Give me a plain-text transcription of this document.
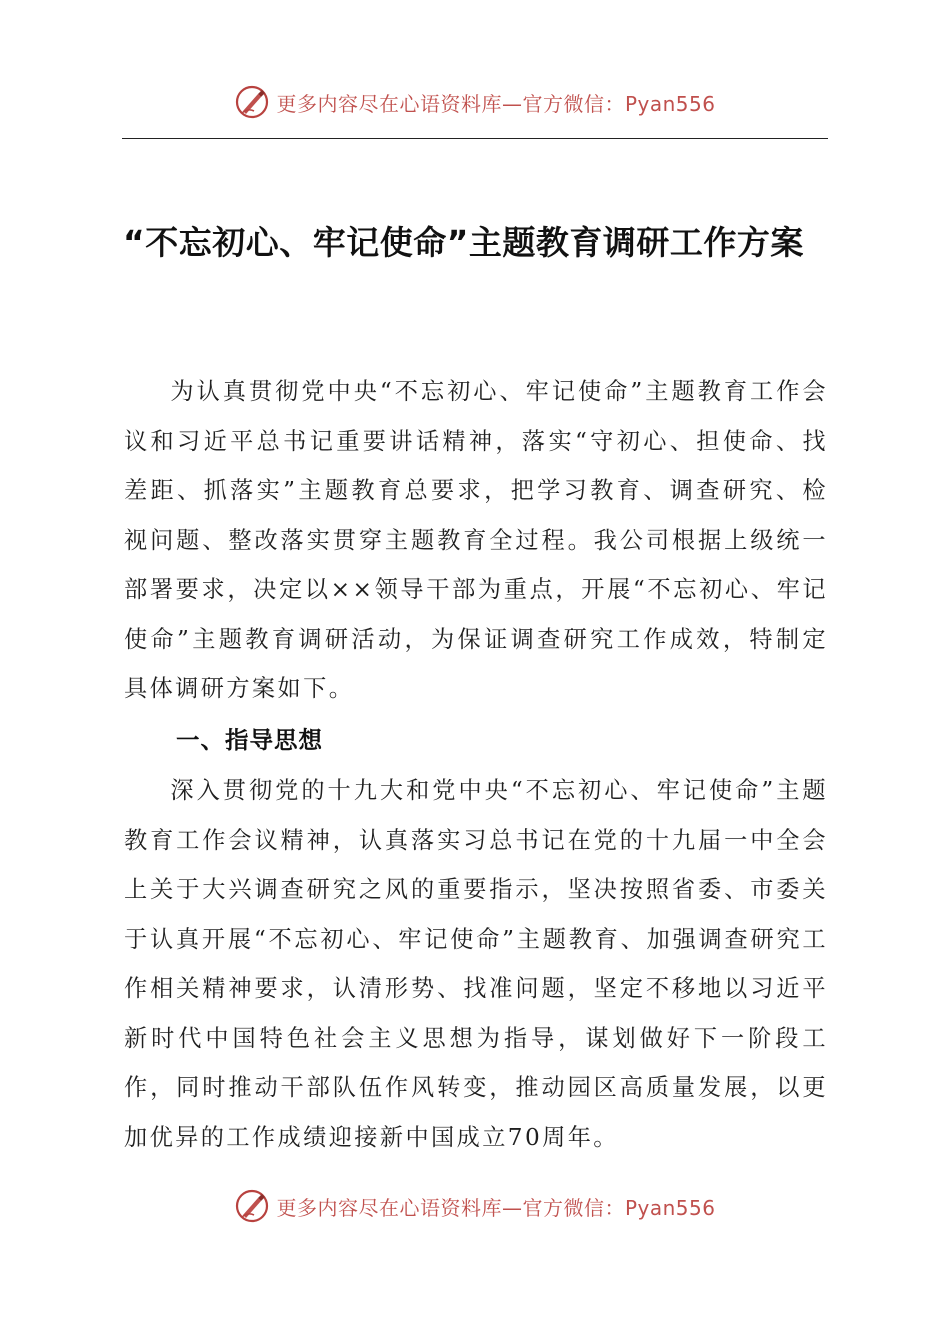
更多内容尽在心语资料库—官方微信：Pyan556
“不忘初心、牢记使命”主题教育调研工作方案

为认真贯彻党中央“不忘初心、牢记使命”主题教育工作会议和习近平总书记重要讲话精神，落实“守初心、担使命、找差距、抓落实”主题教育总要求，把学习教育、调查研究、检视问题、整改落实贯穿主题教育全过程。我公司根据上级统一部署要求，决定以××领导干部为重点，开展“不忘初心、牢记使命”主题教育调研活动，为保证调查研究工作成效，特制定具体调研方案如下。

一、指导思想

深入贯彻党的十九大和党中央“不忘初心、牢记使命”主题教育工作会议精神，认真落实习总书记在党的十九届一中全会上关于大兴调查研究之风的重要指示，坚决按照省委、市委关于认真开展“不忘初心、牢记使命”主题教育、加强调查研究工作相关精神要求，认清形势、找准问题，坚定不移地以习近平新时代中国特色社会主义思想为指导，谋划做好下一阶段工作，同时推动干部队伍作风转变，推动园区高质量发展，以更加优异的工作成绩迎接新中国成立70周年。

更多内容尽在心语资料库—官方微信：Pyan556
